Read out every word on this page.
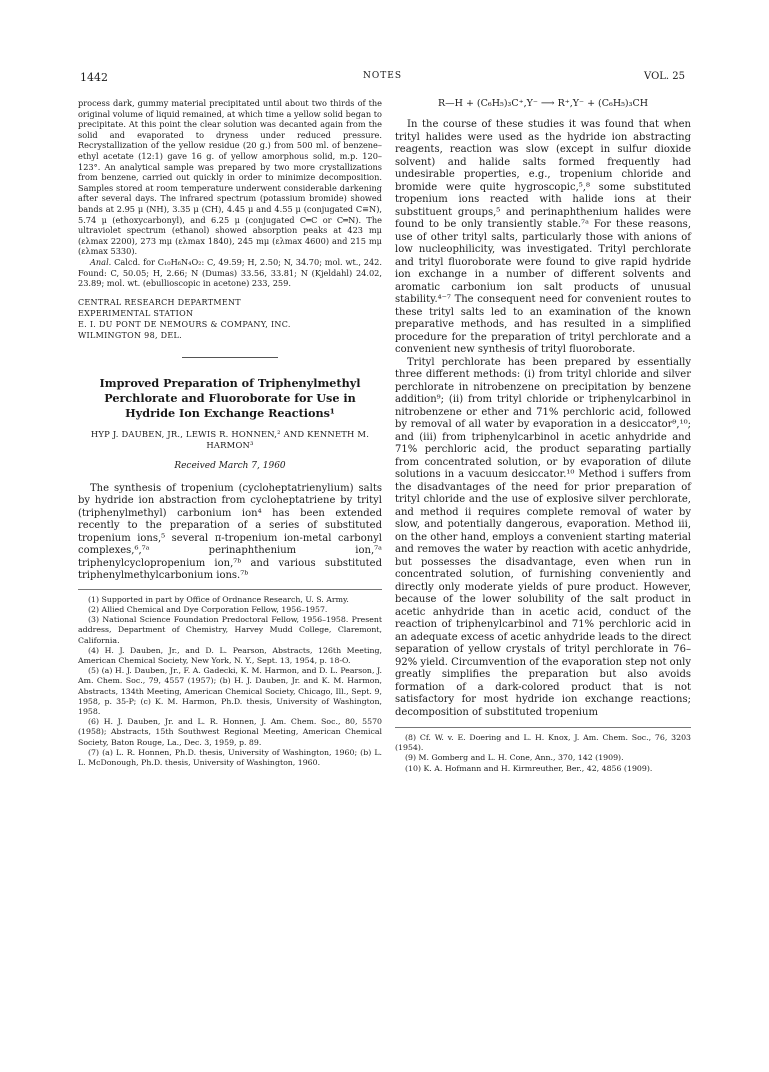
1442	NOTES	VOL. 25

process dark, gummy material precipitated until about two thirds of the original volume of liquid remained, at which time a yellow solid began to precipitate. At this point the clear solution was decanted again from the solid and evaporated to dryness under reduced pressure. Recrystallization of the yellow residue (20 g.) from 500 ml. of benzene–ethyl acetate (12:1) gave 16 g. of yellow amorphous solid, m.p. 120–123°. An analytical sample was prepared by two more crystallizations from benzene, carried out quickly in order to minimize decomposition. Samples stored at room temperature underwent considerable darkening after several days. The infrared spectrum (potassium bromide) showed bands at 2.95 μ (NH), 3.35 μ (CH), 4.45 μ and 4.55 μ (conjugated C≡N), 5.74 μ (ethoxycarbonyl), and 6.25 μ (conjugated C═C or C═N). The ultraviolet spectrum (ethanol) showed absorption peaks at 423 mμ (ελmax 2200), 273 mμ (ελmax 1840), 245 mμ (ελmax 4600) and 215 mμ (ελmax 5330).

Anal. Calcd. for C₁₀H₆N₄O₂: C, 49.59; H, 2.50; N, 34.70; mol. wt., 242. Found: C, 50.05; H, 2.66; N (Dumas) 33.56, 33.81; N (Kjeldahl) 24.02, 23.89; mol. wt. (ebullioscopic in acetone) 233, 259.

CENTRAL RESEARCH DEPARTMENT

EXPERIMENTAL STATION

E. I. DU PONT DE NEMOURS & COMPANY, INC.

WILMINGTON 98, DEL.

Improved Preparation of Triphenylmethyl Perchlorate and Fluoroborate for Use in Hydride Ion Exchange Reactions¹

HYP J. DAUBEN, JR., LEWIS R. HONNEN,² AND KENNETH M. HARMON³

Received March 7, 1960

The synthesis of tropenium (cycloheptatrienylium) salts by hydride ion abstraction from cycloheptatriene by trityl (triphenylmethyl) carbonium ion⁴ has been extended recently to the preparation of a series of substituted tropenium ions,⁵ several π-tropenium ion-metal carbonyl complexes,⁶,⁷ᵃ perinaphthenium ion,⁷ᵃ triphenylcyclopropenium ion,⁷ᵇ and various substituted triphenylmethylcarbonium ions.⁷ᵇ

(1) Supported in part by Office of Ordnance Research, U. S. Army.

(2) Allied Chemical and Dye Corporation Fellow, 1956–1957.

(3) National Science Foundation Predoctoral Fellow, 1956–1958. Present address, Department of Chemistry, Harvey Mudd College, Claremont, California.

(4) H. J. Dauben, Jr., and D. L. Pearson, Abstracts, 126th Meeting, American Chemical Society, New York, N. Y., Sept. 13, 1954, p. 18-O.

(5) (a) H. J. Dauben, Jr., F. A. Gadecki, K. M. Harmon, and D. L. Pearson, J. Am. Chem. Soc., 79, 4557 (1957); (b) H. J. Dauben, Jr. and K. M. Harmon, Abstracts, 134th Meeting, American Chemical Society, Chicago, Ill., Sept. 9, 1958, p. 35-P; (c) K. M. Harmon, Ph.D. thesis, University of Washington, 1958.

(6) H. J. Dauben, Jr. and L. R. Honnen, J. Am. Chem. Soc., 80, 5570 (1958); Abstracts, 15th Southwest Regional Meeting, American Chemical Society, Baton Rouge, La., Dec. 3, 1959, p. 89.

(7) (a) L. R. Honnen, Ph.D. thesis, University of Washington, 1960; (b) L. L. McDonough, Ph.D. thesis, University of Washington, 1960.

R—H + (C₆H₅)₃C⁺,Y⁻ ⟶ R⁺,Y⁻ + (C₆H₅)₃CH

In the course of these studies it was found that when trityl halides were used as the hydride ion abstracting reagents, reaction was slow (except in sulfur dioxide solvent) and halide salts formed frequently had undesirable properties, e.g., tropenium chloride and bromide were quite hygroscopic,⁵,⁸ some substituted tropenium ions reacted with halide ions at their substituent groups,⁵ and perinaphthenium halides were found to be only transiently stable.⁷ᵃ For these reasons, use of other trityl salts, particularly those with anions of low nucleophilicity, was investigated. Trityl perchlorate and trityl fluoroborate were found to give rapid hydride ion exchange in a number of different solvents and aromatic carbonium ion salt products of unusual stability.⁴⁻⁷ The consequent need for convenient routes to these trityl salts led to an examination of the known preparative methods, and has resulted in a simplified procedure for the preparation of trityl perchlorate and a convenient new synthesis of trityl fluoroborate.

Trityl perchlorate has been prepared by essentially three different methods: (i) from trityl chloride and silver perchlorate in nitrobenzene on precipitation by benzene addition⁹; (ii) from trityl chloride or triphenylcarbinol in nitrobenzene or ether and 71% perchloric acid, followed by removal of all water by evaporation in a desiccator⁹,¹⁰; and (iii) from triphenylcarbinol in acetic anhydride and 71% perchloric acid, the product separating partially from concentrated solution, or by evaporation of dilute solutions in a vacuum desiccator.¹⁰ Method i suffers from the disadvantages of the need for prior preparation of trityl chloride and the use of explosive silver perchlorate, and method ii requires complete removal of water by slow, and potentially dangerous, evaporation. Method iii, on the other hand, employs a convenient starting material and removes the water by reaction with acetic anhydride, but possesses the disadvantage, even when run in concentrated solution, of furnishing conveniently and directly only moderate yields of pure product. However, because of the lower solubility of the salt product in acetic anhydride than in acetic acid, conduct of the reaction of triphenylcarbinol and 71% perchloric acid in an adequate excess of acetic anhydride leads to the direct separation of yellow crystals of trityl perchlorate in 76–92% yield. Circumvention of the evaporation step not only greatly simplifies the preparation but also avoids formation of a dark-colored product that is not satisfactory for most hydride ion exchange reactions; decomposition of substituted tropenium

(8) Cf. W. v. E. Doering and L. H. Knox, J. Am. Chem. Soc., 76, 3203 (1954).

(9) M. Gomberg and L. H. Cone, Ann., 370, 142 (1909).

(10) K. A. Hofmann and H. Kirmreuther, Ber., 42, 4856 (1909).
